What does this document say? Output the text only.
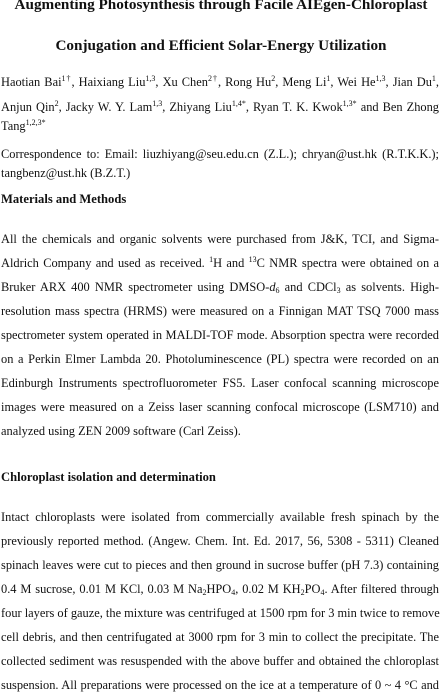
Augmenting Photosynthesis through Facile AIEgen-Chloroplast
Conjugation and Efficient Solar-Energy Utilization
Haotian Bai$^{1\dagger}$, Haixiang Liu$^{1,3}$, Xu Chen$^{2\dagger}$, Rong Hu$^2$, Meng Li$^1$, Wei He$^{1,3}$, Jian Du$^1$,
Anjun Qin$^2$, Jacky W. Y. Lam$^{1,3}$, Zhiyang Liu$^{1,4*}$, Ryan T. K. Kwok$^{1,3*}$ and Ben Zhong
Tang$^{1,2,3*}$
Correspondence to: Email: liuzhiyang@seu.edu.cn (Z.L.); chryan@ust.hk (R.T.K.K.);
tangbenz@ust.hk (B.Z.T.)
Materials and Methods
All the chemicals and organic solvents were purchased from J&K, TCI, and Sigma-
Aldrich Company and used as received. $^1$H and $^{13}$C NMR spectra were obtained on a
Bruker ARX 400 NMR spectrometer using DMSO-$d_6$ and CDCl$_3$ as solvents. High-
resolution mass spectra (HRMS) were measured on a Finnigan MAT TSQ 7000 mass
spectrometer system operated in MALDI-TOF mode. Absorption spectra were recorded
on a Perkin Elmer Lambda 20. Photoluminescence (PL) spectra were recorded on an
Edinburgh Instruments spectrofluorometer FS5. Laser confocal scanning microscope
images were measured on a Zeiss laser scanning confocal microscope (LSM710) and
analyzed using ZEN 2009 software (Carl Zeiss).
Chloroplast isolation and determination
Intact chloroplasts were isolated from commercially available fresh spinach by the
previously reported method. (Angew. Chem. Int. Ed. 2017, 56, 5308 - 5311) Cleaned
spinach leaves were cut to pieces and then ground in sucrose buffer (pH 7.3) containing
0.4 M sucrose, 0.01 M KCl, 0.03 M $Na_2HPO_4$, 0.02 M $KH_2PO_4$. After filtered through
four layers of gauze, the mixture was centrifuged at 1500 rpm for 3 min twice to remove
cell debris, and then centrifugated at 3000 rpm for 3 min to collect the precipitate. The
collected sediment was resuspended with the above buffer and obtained the chloroplast
suspension. All preparations were processed on the ice at a temperature of 0 ~ 4 °C and
